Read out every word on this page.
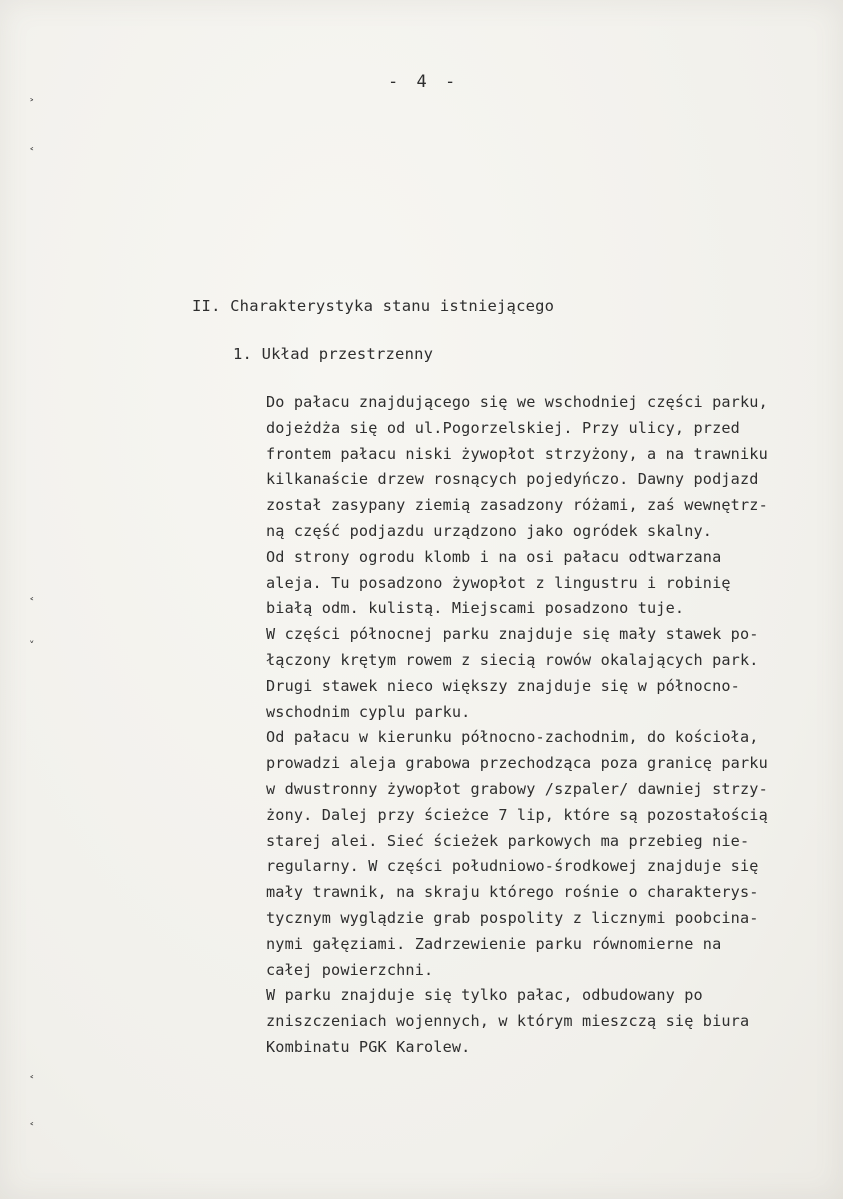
˃
˂
˂
˅
˂
˂
- 4 -
II. Charakterystyka stanu istniejącego
1. Układ przestrzenny
Do pałacu znajdującego się we wschodniej części parku,
dojeżdża się od ul.Pogorzelskiej. Przy ulicy, przed
frontem pałacu niski żywopłot strzyżony, a na trawniku
kilkanaście drzew rosnących pojedyńczo. Dawny podjazd
został zasypany ziemią zasadzony różami, zaś wewnętrz-
ną część podjazdu urządzono jako ogródek skalny.
Od strony ogrodu klomb i na osi pałacu odtwarzana
aleja. Tu posadzono żywopłot z lingustru i robinię
białą odm. kulistą. Miejscami posadzono tuje.
W części północnej parku znajduje się mały stawek po-
łączony krętym rowem z siecią rowów okalających park.
Drugi stawek nieco większy znajduje się w północno-
wschodnim cyplu parku.
Od pałacu w kierunku północno-zachodnim, do kościoła,
prowadzi aleja grabowa przechodząca poza granicę parku
w dwustronny żywopłot grabowy /szpaler/ dawniej strzy-
żony. Dalej przy ścieżce 7 lip, które są pozostałością
starej alei. Sieć ścieżek parkowych ma przebieg nie-
regularny. W części południowo-środkowej znajduje się
mały trawnik, na skraju którego rośnie o charakterys-
tycznym wyglądzie grab pospolity z licznymi poobcina-
nymi gałęziami. Zadrzewienie parku równomierne na
całej powierzchni.
W parku znajduje się tylko pałac, odbudowany po
zniszczeniach wojennych, w którym mieszczą się biura
Kombinatu PGK Karolew.
